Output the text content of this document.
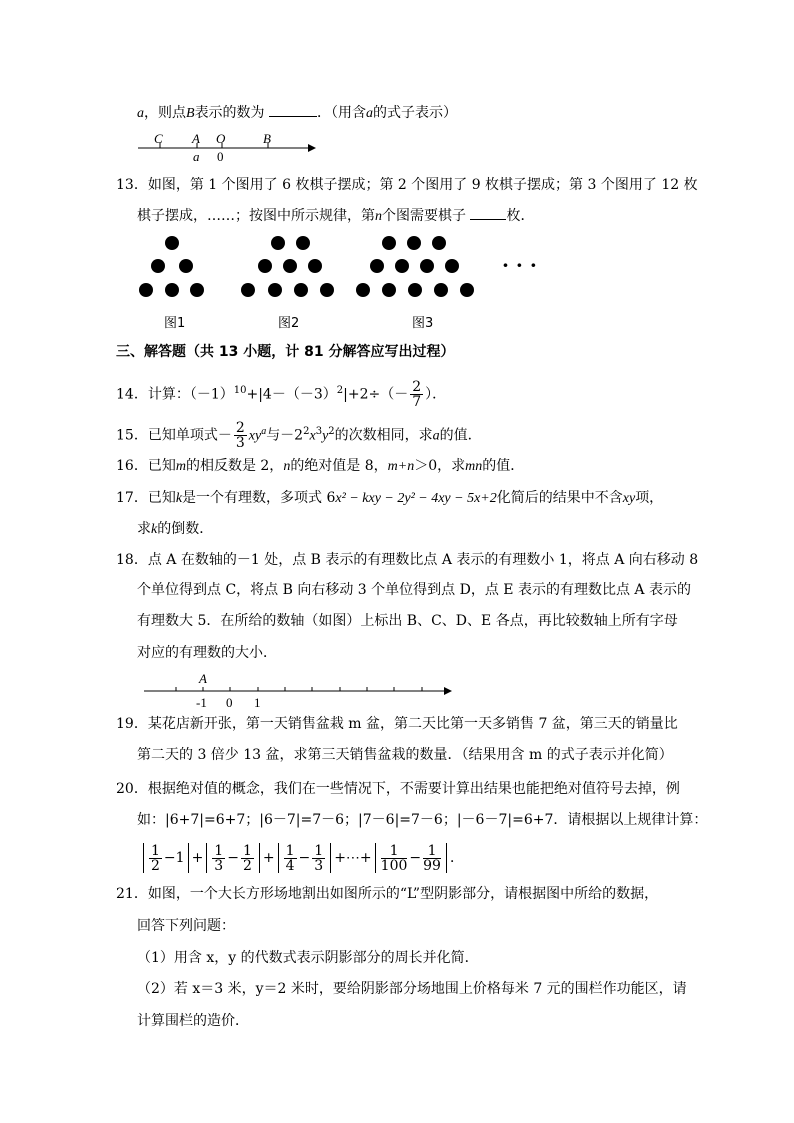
a，则点B表示的数为	．（用含a的式子表示）
C A O	B
a 0
13．如图，第 1 个图用了 6 枚棋子摆成；第 2 个图用了 9 枚棋子摆成；第 3 个图用了 12 枚
棋子摆成，……；按图中所示规律，第n个图需要棋子	枚．
· · ·
图1	图2	图3
三、解答题（共 13 小题，计 81 分解答应写出过程）
14．计算：$(-1)^{10}+|4-(-3)^2|+2\div(- \frac{2}{7}$ ）．
15．已知单项式－ $\frac{2}{3} xy^a$与$-2^2x^3y^2$的次数相同，求a的值．
16．已知m的相反数是 2，n的绝对值是 8，m+n＞0，求mn的值．
17．已知k是一个有理数，多项式 6x² − kxy − 2y² − 4xy − 5x+2化简后的结果中不含xy项，
求k的倒数．
18．点 A 在数轴的－1 处，点 B 表示的有理数比点 A 表示的有理数小 1，将点 A 向右移动 8
个单位得到点 C，将点 B 向右移动 3 个单位得到点 D，点 E 表示的有理数比点 A 表示的
有理数大 5．在所给的数轴（如图）上标出 B、C、D、E 各点，再比较数轴上所有字母
对应的有理数的大小．
A
-1 0 1
19．某花店新开张，第一天销售盆栽 m 盆，第二天比第一天多销售 7 盆，第三天的销量比
第二天的 3 倍少 13 盆，求第三天销售盆栽的数量．（结果用含 m 的式子表示并化简）
20．根据绝对值的概念，我们在一些情况下，不需要计算出结果也能把绝对值符号去掉，例
如：|6+7|=6+7；|6－7|=7－6；|7－6|=7－6；|－6－7|=6+7．请根据以上规律计算：
$\frac{1}{2} -1 + \frac{1}{3} - \frac{1}{2} + \frac{1}{4} - \frac{1}{3}$ +⋯+ $\frac{1}{100} - \frac{1}{99}$ ．
21．如图，一个大长方形场地割出如图所示的“L”型阴影部分，请根据图中所给的数据，
回答下列问题：
（1）用含 x，y 的代数式表示阴影部分的周长并化简．
（2）若 x＝3 米，y＝2 米时，要给阴影部分场地围上价格每米 7 元的围栏作功能区，请
计算围栏的造价．
